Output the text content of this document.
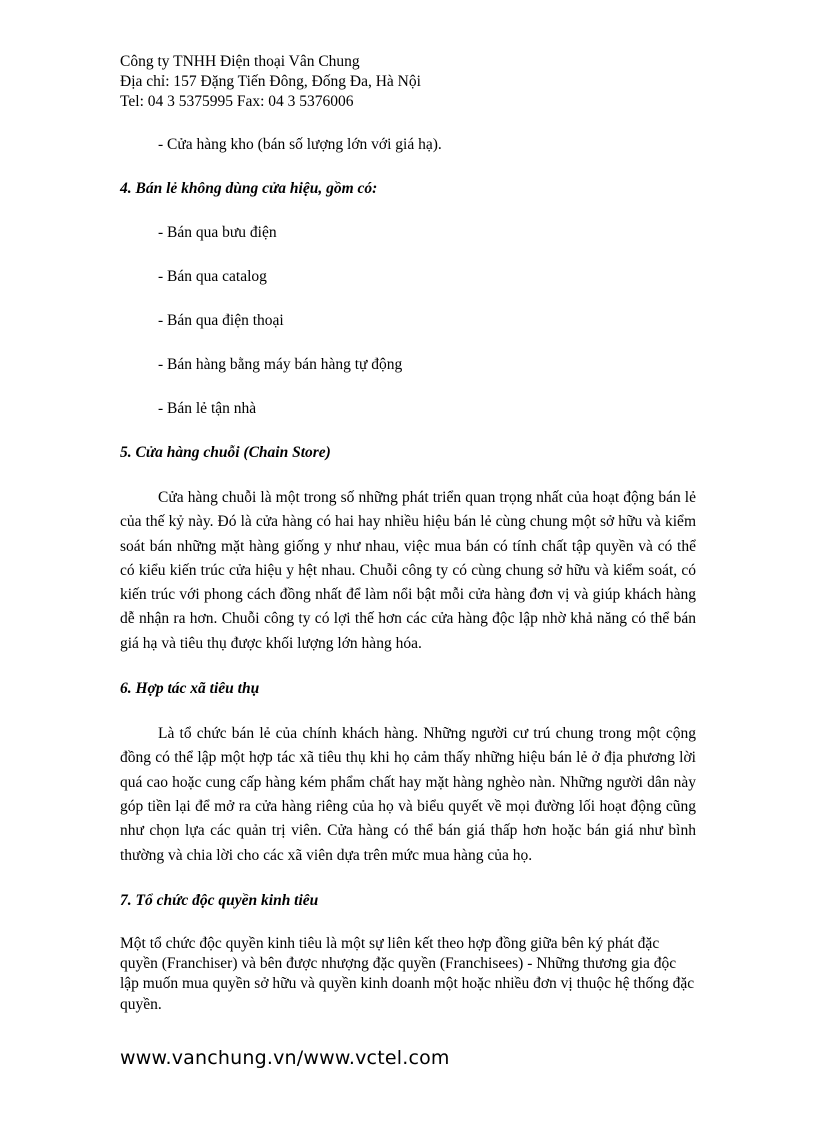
Công ty TNHH Điện thoại Vân Chung
Địa chỉ: 157 Đặng Tiến Đông, Đống Đa, Hà Nội
Tel: 04 3 5375995 Fax: 04 3 5376006
- Cửa hàng kho (bán số lượng lớn với giá hạ).
4. Bán lẻ không dùng cửa hiệu, gồm có:
- Bán qua bưu điện
- Bán qua catalog
- Bán qua điện thoại
- Bán hàng bằng máy bán hàng tự động
- Bán lẻ tận nhà
5. Cửa hàng chuỗi (Chain Store)

Cửa hàng chuỗi là một trong số những phát triển quan trọng nhất của hoạt động bán lẻ của thế kỷ này. Đó là cửa hàng có hai hay nhiều hiệu bán lẻ cùng chung một sở hữu và kiểm soát bán những mặt hàng giống y như nhau, việc mua bán có tính chất tập quyền và có thể có kiểu kiến trúc cửa hiệu y hệt nhau. Chuỗi công ty có cùng chung sở hữu và kiểm soát, có kiến trúc với phong cách đồng nhất để làm nổi bật mỗi cửa hàng đơn vị và giúp khách hàng dễ nhận ra hơn. Chuỗi công ty có lợi thế hơn các cửa hàng độc lập nhờ khả năng có thể bán giá hạ và tiêu thụ được khối lượng lớn hàng hóa.

6. Hợp tác xã tiêu thụ

Là tổ chức bán lẻ của chính khách hàng. Những người cư trú chung trong một cộng đồng có thể lập một hợp tác xã tiêu thụ khi họ cảm thấy những hiệu bán lẻ ở địa phương lời quá cao hoặc cung cấp hàng kém phẩm chất hay mặt hàng nghèo nàn. Những người dân này góp tiền lại để mở ra cửa hàng riêng của họ và biểu quyết về mọi đường lối hoạt động cũng như chọn lựa các quản trị viên. Cửa hàng có thể bán giá thấp hơn hoặc bán giá như bình thường và chia lời cho các xã viên dựa trên mức mua hàng của họ.

7. Tổ chức độc quyền kinh tiêu

Một tổ chức độc quyền kinh tiêu là một sự liên kết theo hợp đồng giữa bên ký phát đặc quyền (Franchiser) và bên được nhượng đặc quyền (Franchisees) - Những thương gia độc lập muốn mua quyền sở hữu và quyền kinh doanh một hoặc nhiều đơn vị thuộc hệ thống đặc quyền.

www.vanchung.vn/www.vctel.com
